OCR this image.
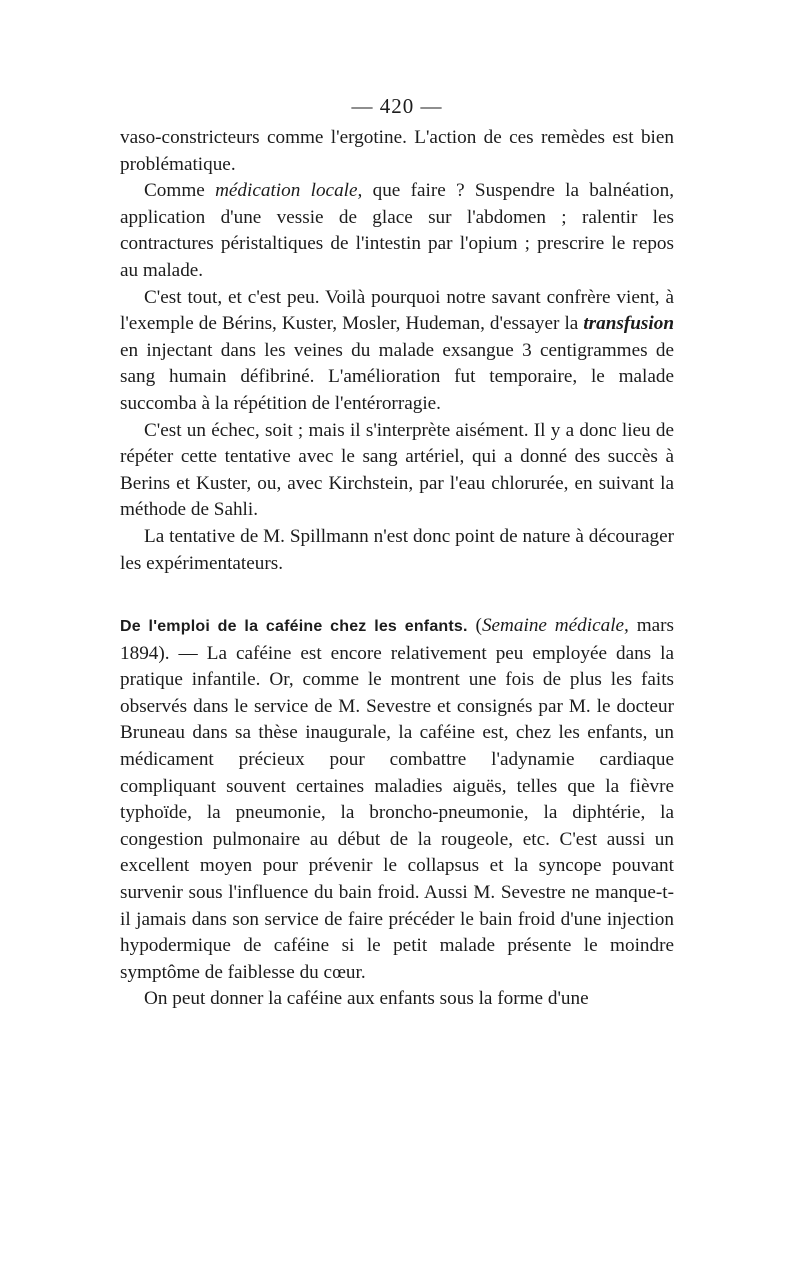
— 420 —

vaso-constricteurs comme l'ergotine. L'action de ces remèdes est bien problématique.

Comme médication locale, que faire ? Suspendre la balnéation, application d'une vessie de glace sur l'abdomen ; ralentir les contractures péristaltiques de l'intestin par l'opium ; prescrire le repos au malade.

C'est tout, et c'est peu. Voilà pourquoi notre savant confrère vient, à l'exemple de Bérins, Kuster, Mosler, Hudeman, d'essayer la transfusion en injectant dans les veines du malade exsangue 3 centigrammes de sang humain défibriné. L'amélioration fut temporaire, le malade succomba à la répétition de l'entérorragie.

C'est un échec, soit ; mais il s'interprète aisément. Il y a donc lieu de répéter cette tentative avec le sang artériel, qui a donné des succès à Berins et Kuster, ou, avec Kirchstein, par l'eau chlorurée, en suivant la méthode de Sahli.

La tentative de M. Spillmann n'est donc point de nature à décourager les expérimentateurs.

De l'emploi de la caféine chez les enfants. (Semaine médicale, mars 1894). — La caféine est encore relativement peu employée dans la pratique infantile. Or, comme le montrent une fois de plus les faits observés dans le service de M. Sevestre et consignés par M. le docteur Bruneau dans sa thèse inaugurale, la caféine est, chez les enfants, un médicament précieux pour combattre l'adynamie cardiaque compliquant souvent certaines maladies aiguës, telles que la fièvre typhoïde, la pneumonie, la broncho-pneumonie, la diphtérie, la congestion pulmonaire au début de la rougeole, etc. C'est aussi un excellent moyen pour prévenir le collapsus et la syncope pouvant survenir sous l'influence du bain froid. Aussi M. Sevestre ne manque-t-il jamais dans son service de faire précéder le bain froid d'une injection hypodermique de caféine si le petit malade présente le moindre symptôme de faiblesse du cœur.

On peut donner la caféine aux enfants sous la forme d'une
